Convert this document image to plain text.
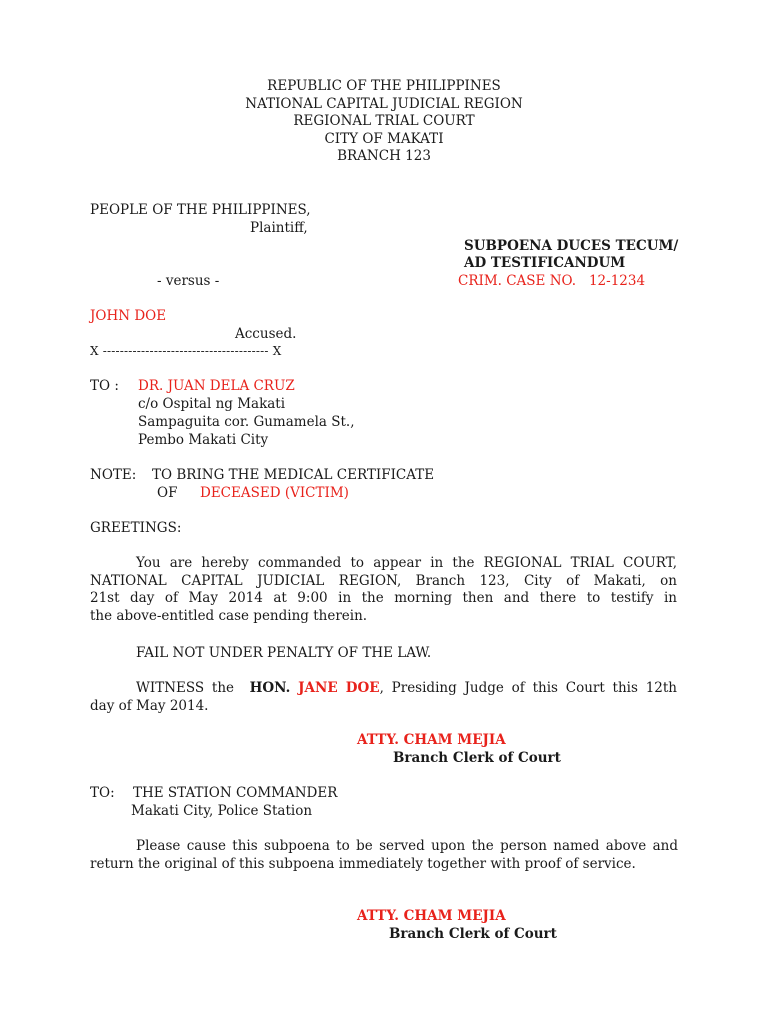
REPUBLIC OF THE PHILIPPINES
NATIONAL CAPITAL JUDICIAL REGION
REGIONAL TRIAL COURT
CITY OF MAKATI
BRANCH 123
PEOPLE OF THE PHILIPPINES,
Plaintiff,
SUBPOENA DUCES TECUM/
AD TESTIFICANDUM
- versus -	CRIM. CASE NO. 12-1234
JOHN DOE
Accused.
X --------------------------------------- X
TO : DR. JUAN DELA CRUZ
c/o Ospital ng Makati
Sampaguita cor. Gumamela St.,
Pembo Makati City
NOTE: TO BRING THE MEDICAL CERTIFICATE
OF DECEASED (VICTIM)
GREETINGS:
You are hereby commanded to appear in the REGIONAL TRIAL COURT,
NATIONAL CAPITAL JUDICIAL REGION, Branch 123, City of Makati, on
21st day of May 2014 at 9:00 in the morning then and there to testify in
the above-entitled case pending therein.
FAIL NOT UNDER PENALTY OF THE LAW.
WITNESS the HON. JANE DOE, Presiding Judge of this Court this 12th
day of May 2014.
ATTY. CHAM MEJIA
Branch Clerk of Court
TO: THE STATION COMMANDER
Makati City, Police Station
Please cause this subpoena to be served upon the person named above and
return the original of this subpoena immediately together with proof of service.
ATTY. CHAM MEJIA
Branch Clerk of Court
